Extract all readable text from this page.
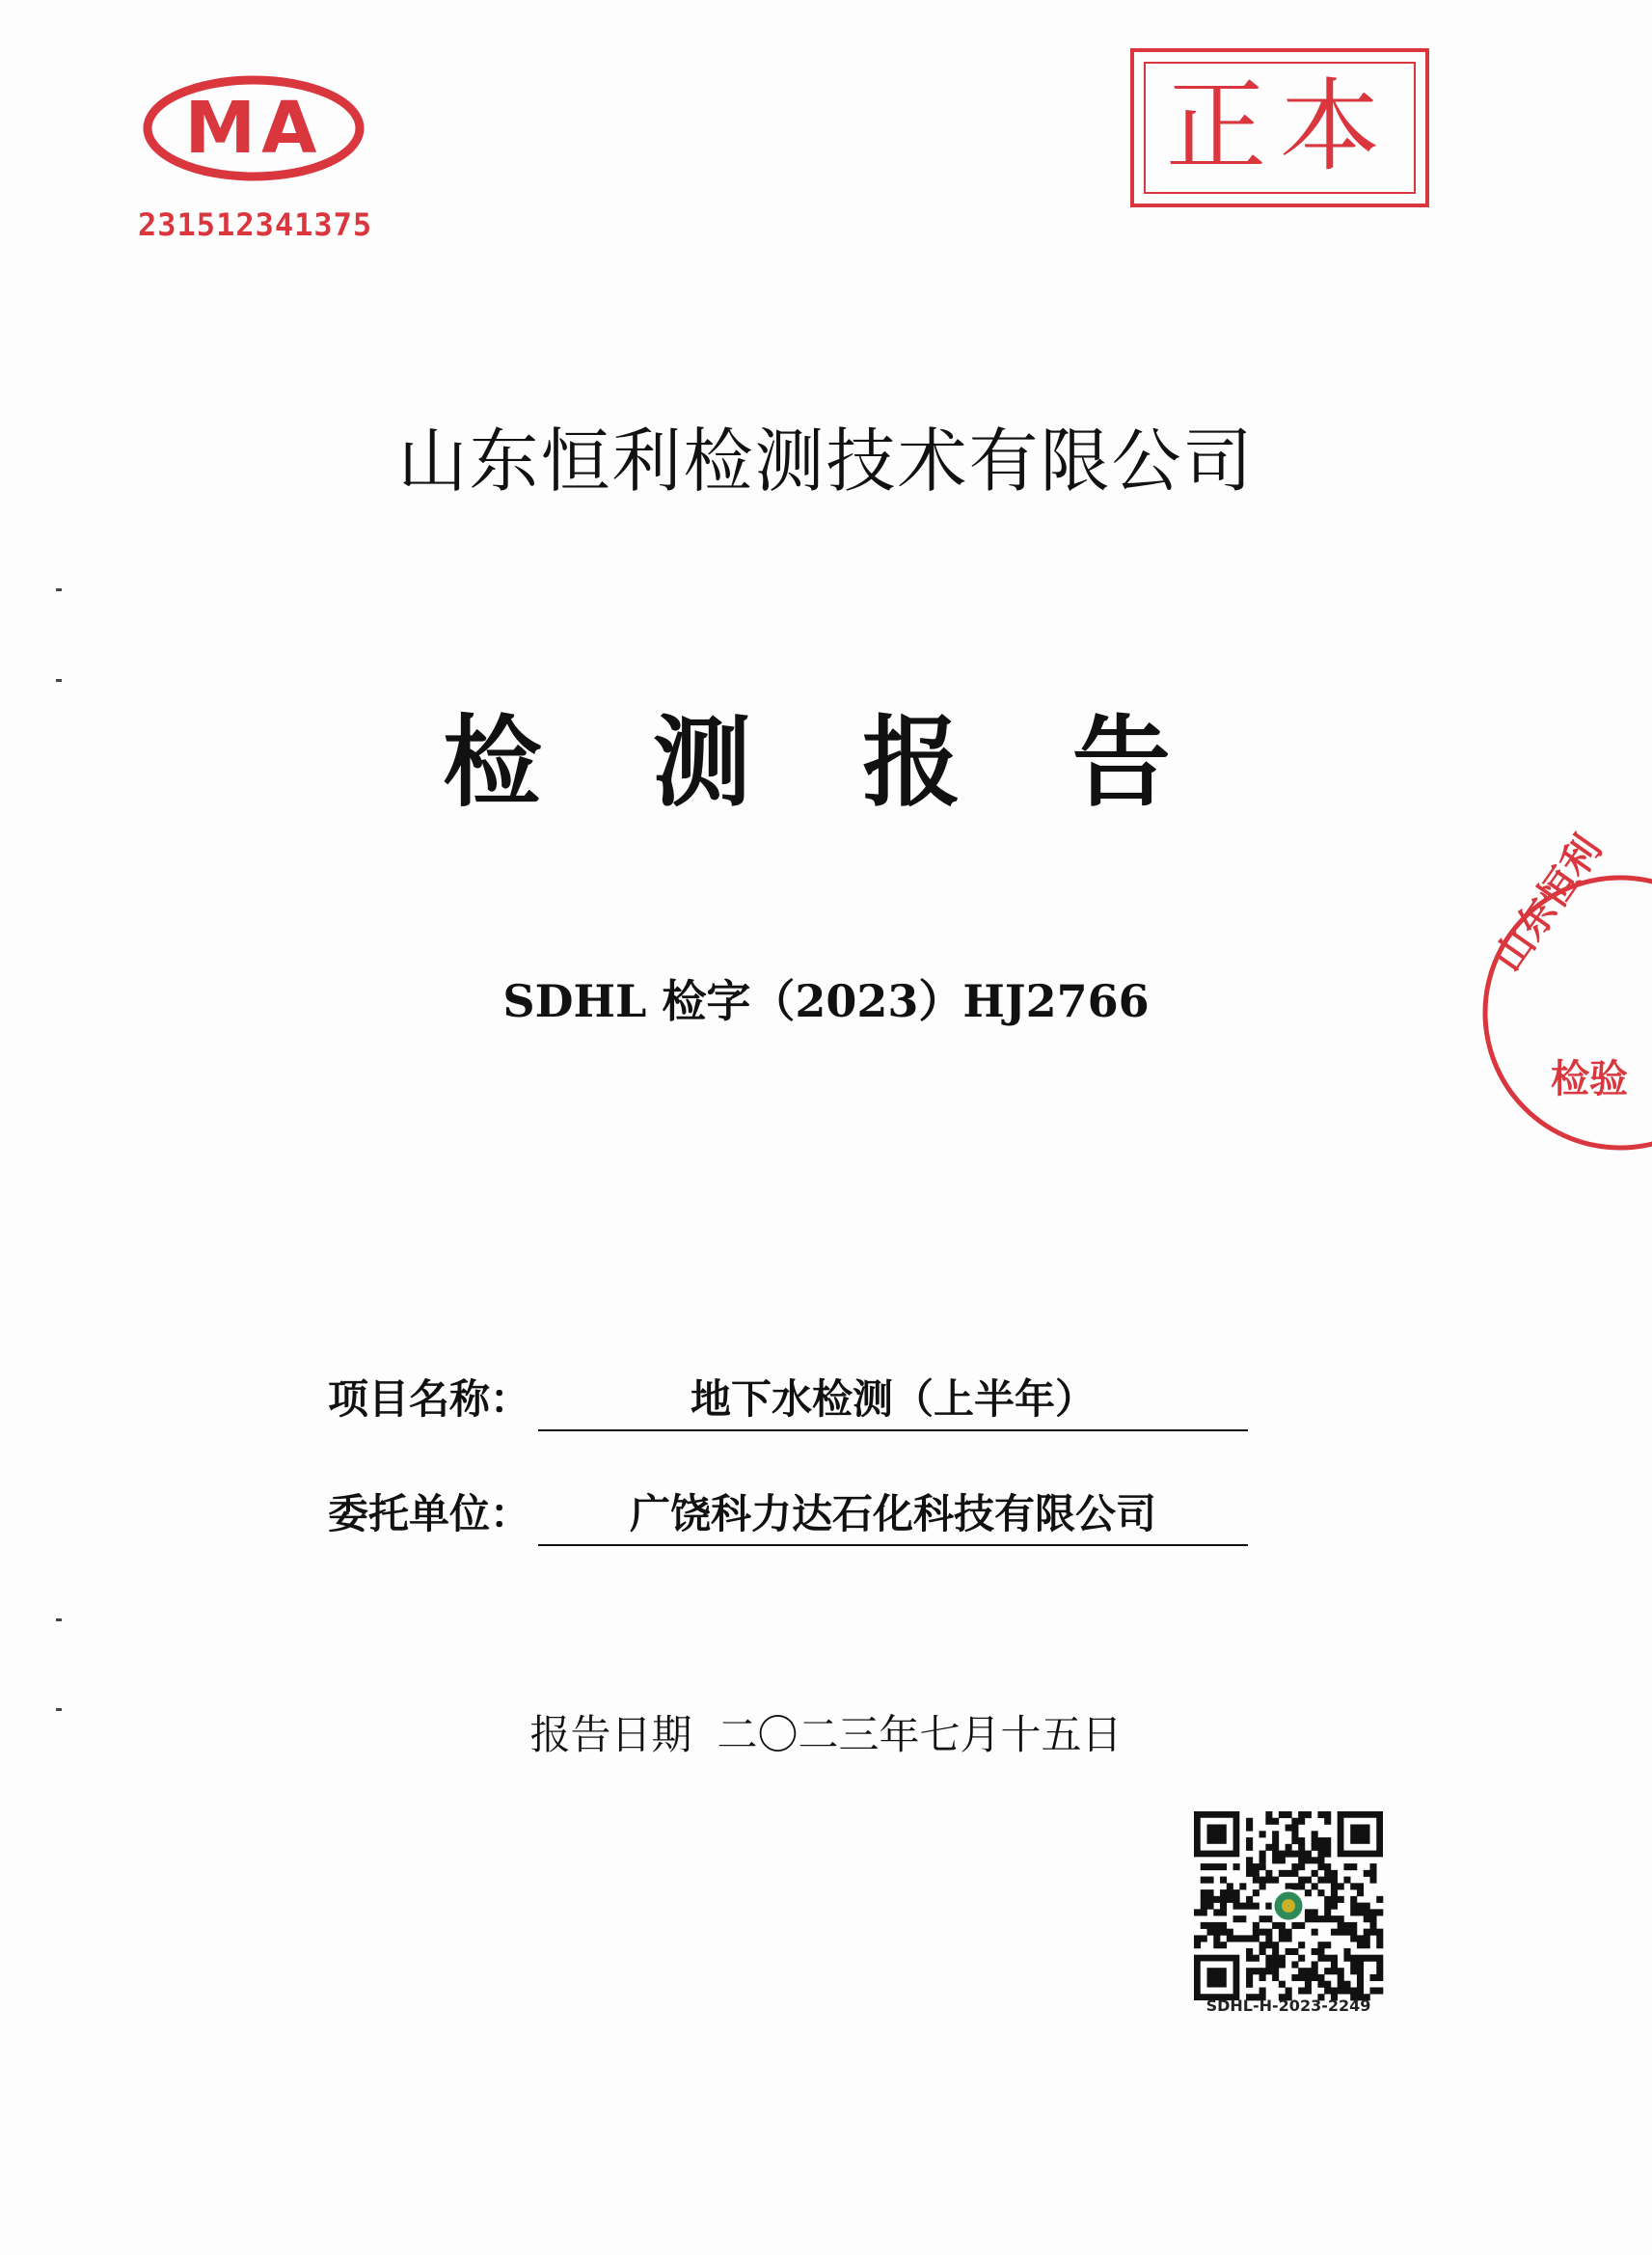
MA
231512341375
正本
山东恒利
检验
山东恒利检测技术有限公司
检 测 报 告
SDHL 检字（2023）HJ2766
项目名称：	地下水检测（上半年）
委托单位：	广饶科力达石化科技有限公司
报告日期 二〇二三年七月十五日
SDHL-H-2023-2249
